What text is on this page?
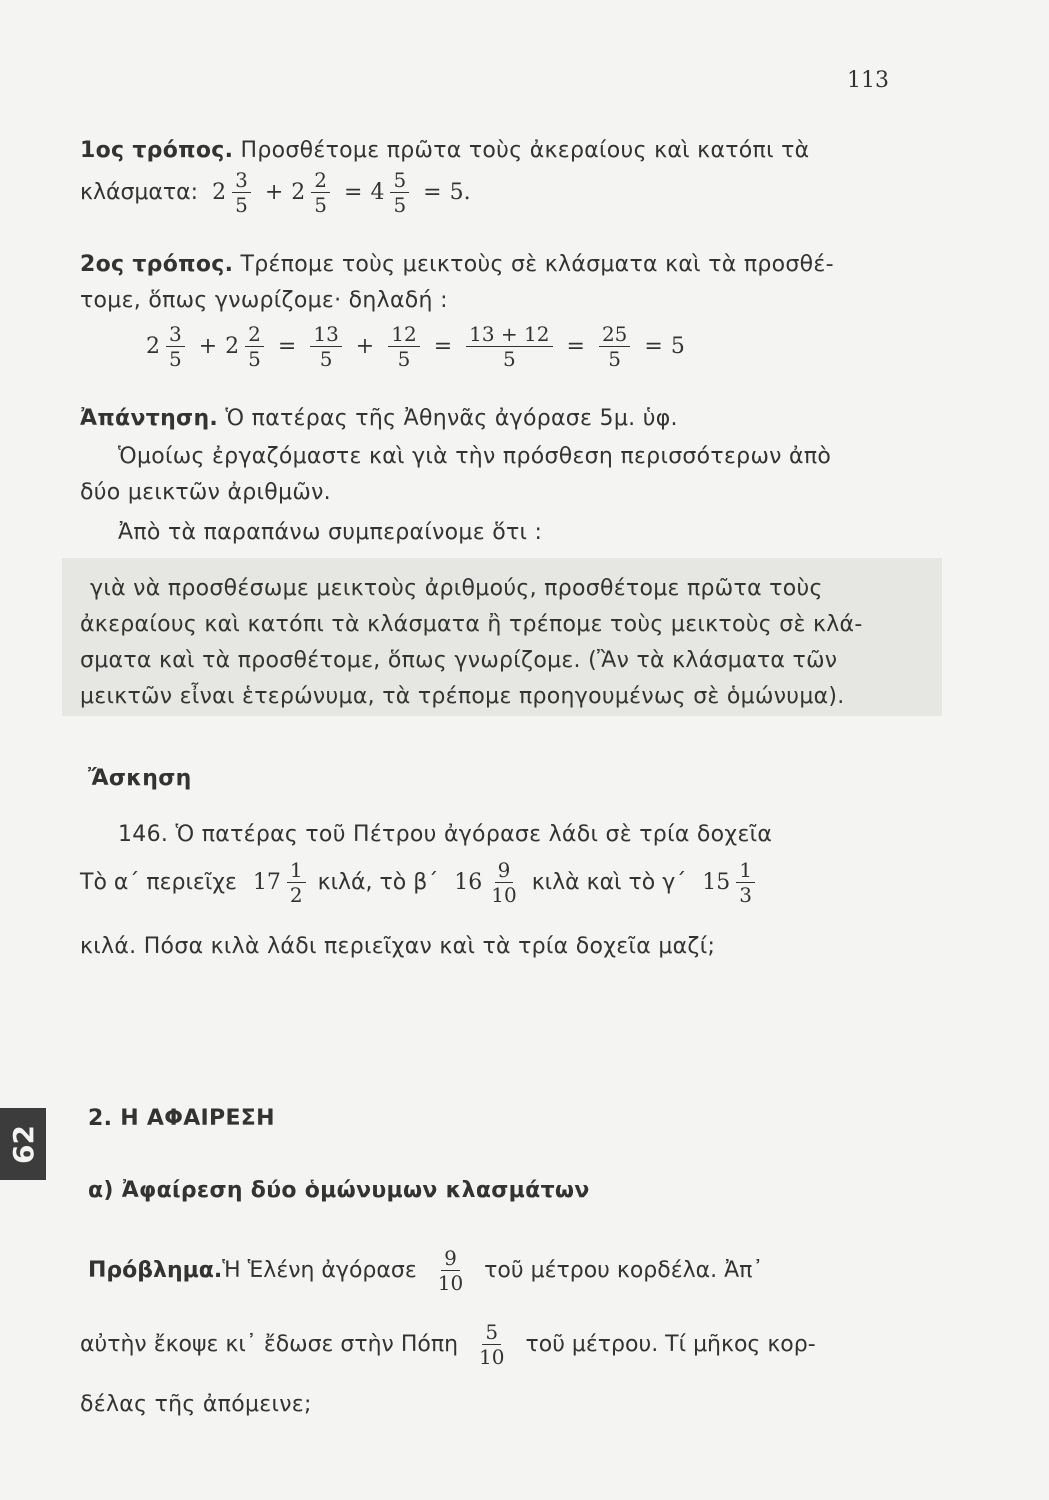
113
1ος τρόπος. Προσθέτομε πρῶτα τοὺς ἀκεραίους καὶ κατόπι τὰ
κλάσματα: $2 \frac{3}{5} + 2 \frac{2}{5} = 4 \frac{5}{5} = 5$.
2ος τρόπος. Τρέπομε τοὺς μεικτοὺς σὲ κλάσματα καὶ τὰ προσθέ-
τομε, ὅπως γνωρίζομε· δηλαδή :
$2 \frac{3}{5} + 2 \frac{2}{5} = \frac{13}{5} + \frac{12}{5} = \frac{13 + 12}{5} = \frac{25}{5} = 5$
Ἀπάντηση. Ὁ πατέρας τῆς Ἀθηνᾶς ἀγόρασε 5μ. ὑφ.
Ὁμοίως ἐργαζόμαστε καὶ γιὰ τὴν πρόσθεση περισσότερων ἀπὸ
δύο μεικτῶν ἀριθμῶν.
Ἀπὸ τὰ παραπάνω συμπεραίνομε ὅτι :
γιὰ νὰ προσθέσωμε μεικτοὺς ἀριθμούς, προσθέτομε πρῶτα τοὺς
ἀκεραίους καὶ κατόπι τὰ κλάσματα ἢ τρέπομε τοὺς μεικτοὺς σὲ κλά-
σματα καὶ τὰ προσθέτομε, ὅπως γνωρίζομε. (Ἂν τὰ κλάσματα τῶν
μεικτῶν εἶναι ἑτερώνυμα, τὰ τρέπομε προηγουμένως σὲ ὁμώνυμα).
Ἄσκηση
146. Ὁ πατέρας τοῦ Πέτρου ἀγόρασε λάδι σὲ τρία δοχεῖα
Τὸ α΄ περιεῖχε $17 \frac{1}{2} \kappa\iota\lambda ά$, τὸ β΄ $16 \frac{9}{10}$ κιλὰ καὶ τὸ γ΄ $15 \frac{1}{3}$
κιλά. Πόσα κιλὰ λάδι περιεῖχαν καὶ τὰ τρία δοχεῖα μαζί;
62
2. Η ΑΦΑΙΡΕΣΗ
α) Ἀφαίρεση δύο ὁμώνυμων κλασμάτων
Πρόβλημα. Ἡ Ἑλένη ἀγόρασε $\frac{9}{10}$ τοῦ μέτρου κορδέλα. Ἀπ᾽
αὐτὴν ἔκοψε κι᾽ ἔδωσε στὴν Πόπη $\frac{5}{10}$ τοῦ μέτρου. Τί μῆκος κορ-
δέλας τῆς ἀπόμεινε;
